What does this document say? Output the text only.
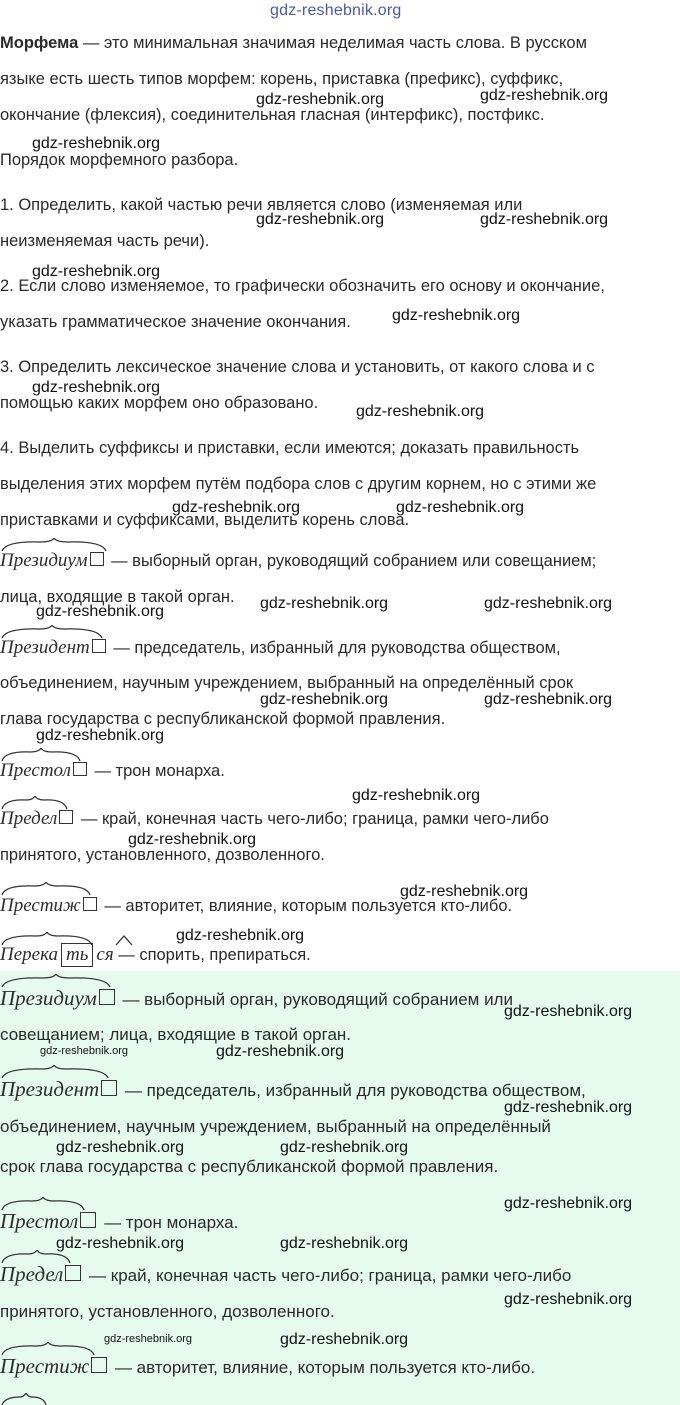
gdz-reshebnik.org
Морфема — это минимальная значимая неделимая часть слова. В русском
языке есть шесть типов морфем: корень, приставка (префикс), суффикс,
окончание (флексия), соединительная гласная (интерфикс), постфикс.
Порядок морфемного разбора.
1. Определить, какой частью речи является слово (изменяемая или
неизменяемая часть речи).
2. Если слово изменяемое, то графически обозначить его основу и окончание,
указать грамматическое значение окончания.
3. Определить лексическое значение слова и установить, от какого слова и с
помощью каких морфем оно образовано.
4. Выделить суффиксы и приставки, если имеются; доказать правильность
выделения этих морфем путём подбора слов с другим корнем, но с этими же
приставками и суффиксами, выделить корень слова.
Президиум — выборный орган, руководящий собранием или совещанием;
лица, входящие в такой орган.
Президент — председатель, избранный для руководства обществом,
объединением, научным учреждением, выбранный на определённый срок
глава государства с республиканской формой правления.
Престол — трон монарха.
Предел — край, конечная часть чего-либо; граница, рамки чего-либо
принятого, установленного, дозволенного.
Престиж — авторитет, влияние, которым пользуется кто-либо.
Перека ть ся — спорить, препираться.
Президиум — выборный орган, руководящий собранием или
совещанием; лица, входящие в такой орган.
Президент — председатель, избранный для руководства обществом,
объединением, научным учреждением, выбранный на определённый
срок глава государства с республиканской формой правления.
Престол — трон монарха.
Предел — край, конечная часть чего-либо; граница, рамки чего-либо
принятого, установленного, дозволенного.
Престиж — авторитет, влияние, которым пользуется кто-либо.
gdz-reshebnik.org	gdz-reshebnik.org
gdz-reshebnik.org
gdz-reshebnik.org	gdz-reshebnik.org
gdz-reshebnik.org
gdz-reshebnik.org
gdz-reshebnik.org
gdz-reshebnik.org
gdz-reshebnik.org	gdz-reshebnik.org
gdz-reshebnik.org	gdz-reshebnik.org
gdz-reshebnik.org
gdz-reshebnik.org	gdz-reshebnik.org
gdz-reshebnik.org
gdz-reshebnik.org
gdz-reshebnik.org
gdz-reshebnik.org
gdz-reshebnik.org
gdz-reshebnik.org
gdz-reshebnik.org	gdz-reshebnik.org
gdz-reshebnik.org
gdz-reshebnik.org	gdz-reshebnik.org
gdz-reshebnik.org
gdz-reshebnik.org	gdz-reshebnik.org
gdz-reshebnik.org
gdz-reshebnik.org	gdz-reshebnik.org
